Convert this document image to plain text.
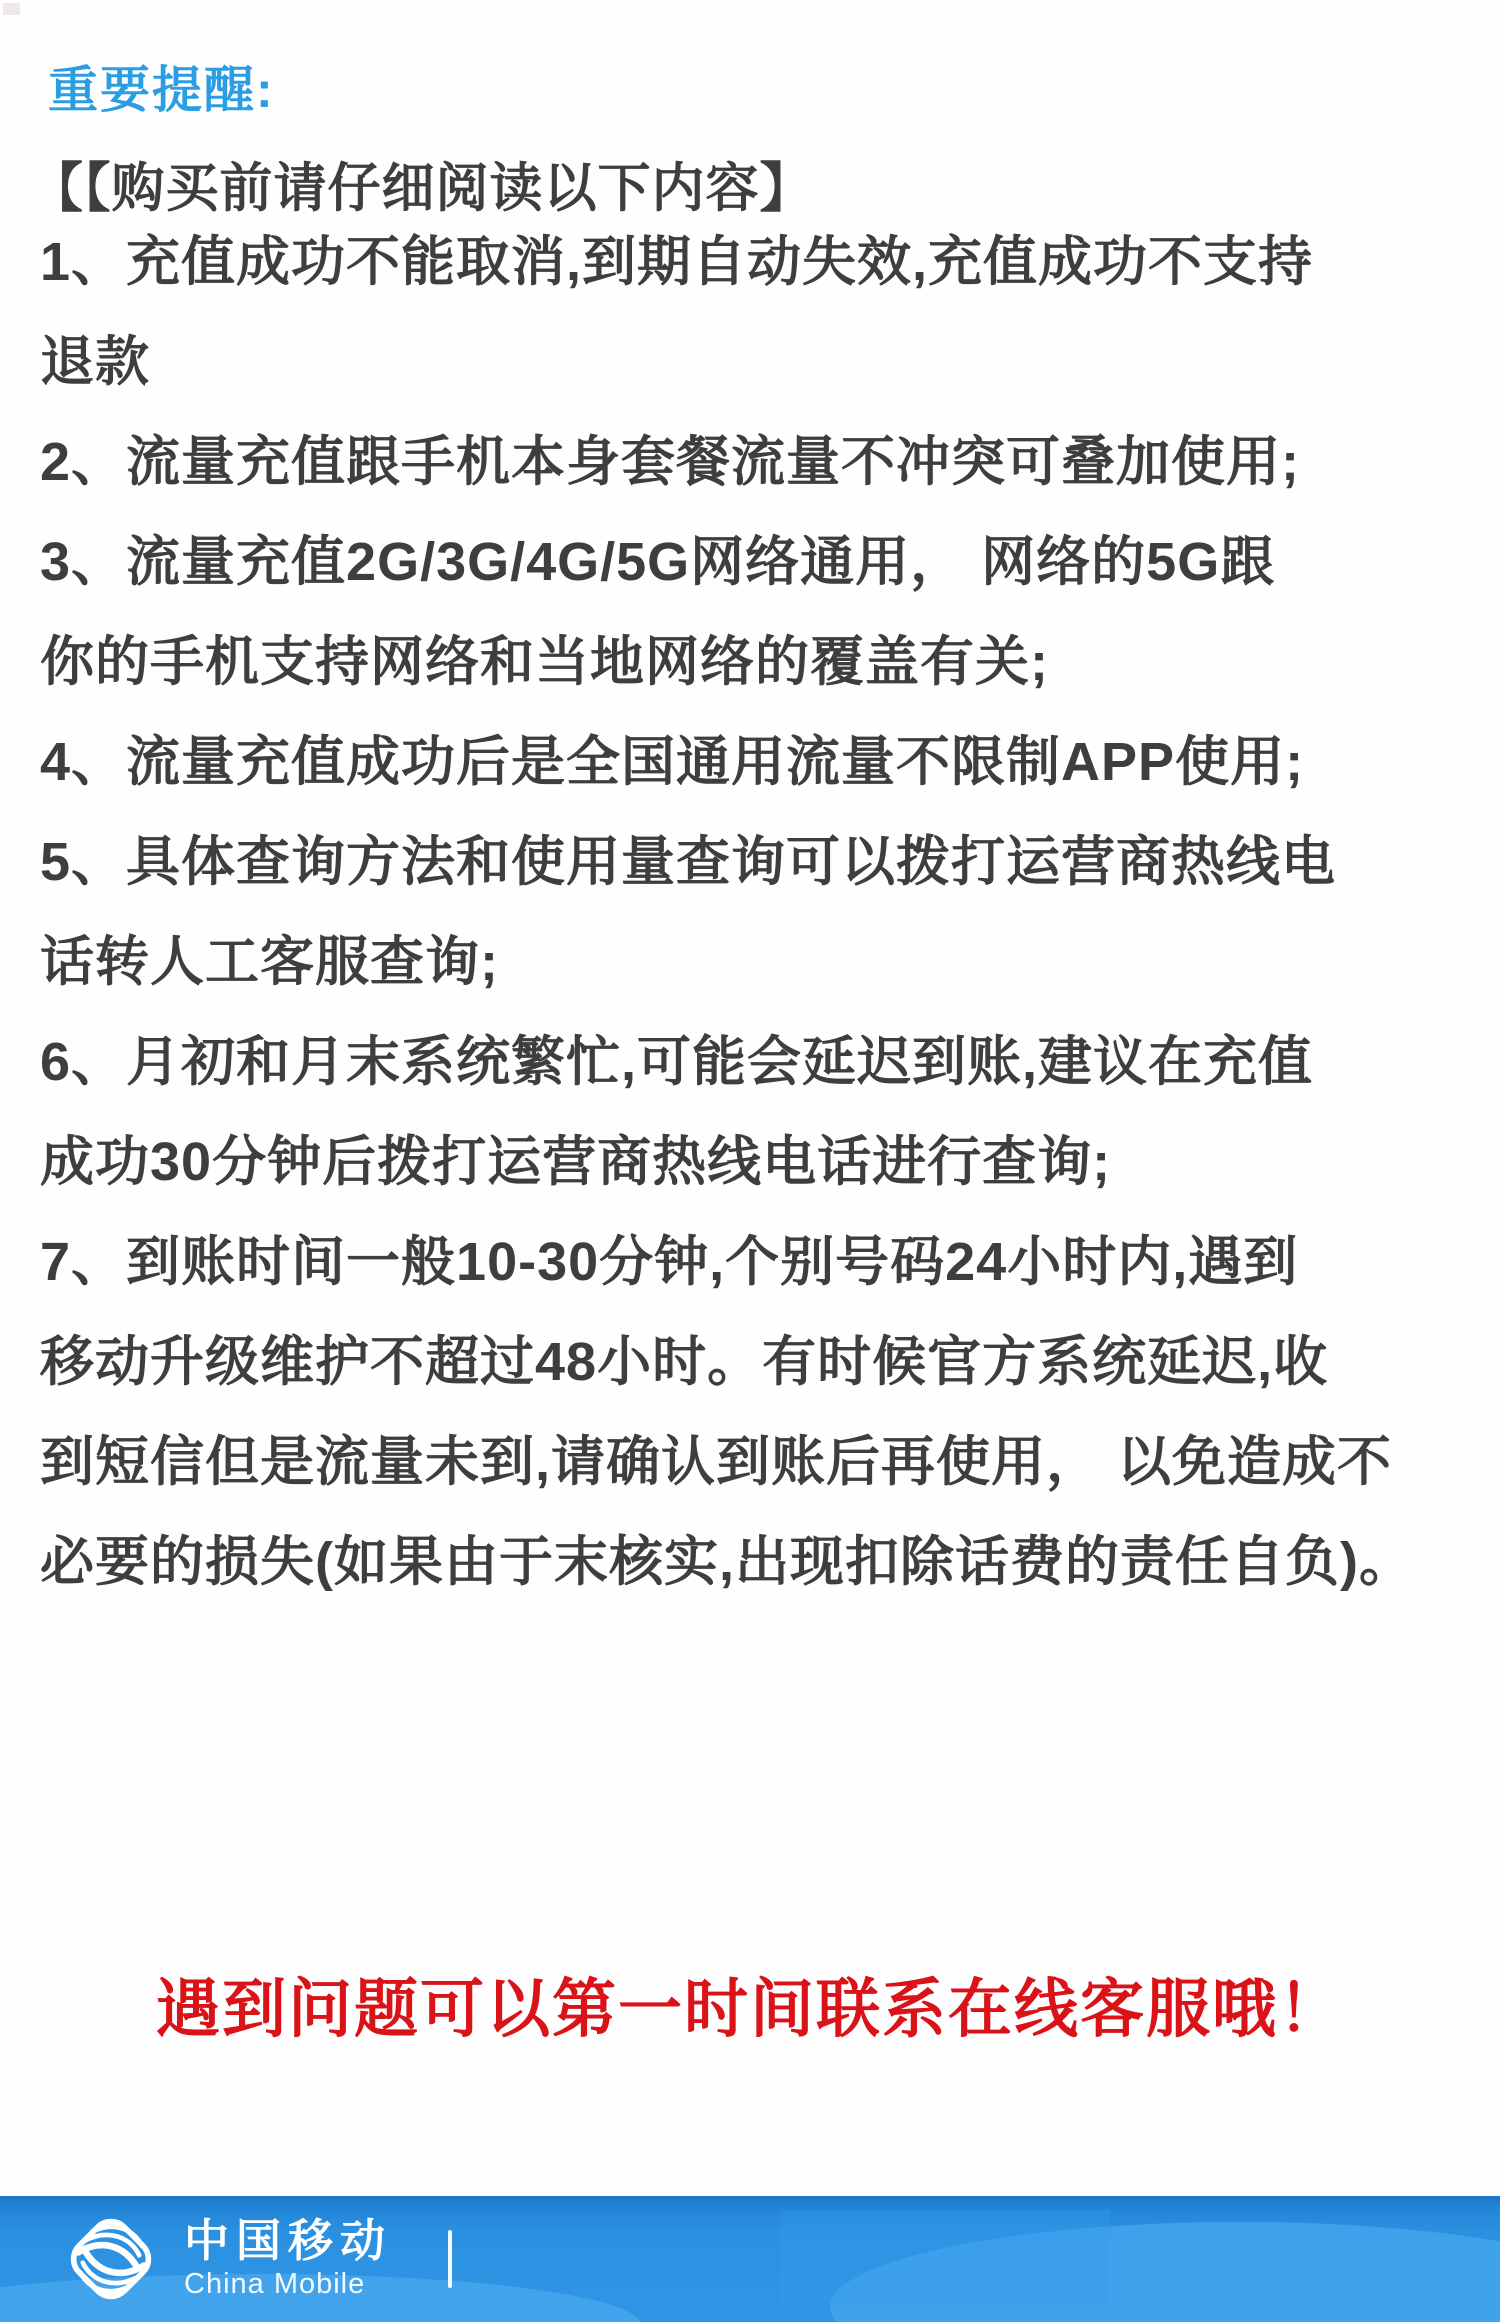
重要提醒:
【【购买前请仔细阅读以下内容】
1、充值成功不能取消,到期自动失效,充值成功不支持
退款
2、流量充值跟手机本身套餐流量不冲突可叠加使用;
3、流量充值2G/3G/4G/5G网络通用， 网络的5G跟
你的手机支持网络和当地网络的覆盖有关;
4、流量充值成功后是全国通用流量不限制APP使用;
5、具体查询方法和使用量查询可以拨打运营商热线电
话转人工客服查询;
6、月初和月末系统繁忙,可能会延迟到账,建议在充值
成功30分钟后拨打运营商热线电话进行查询;
7、到账时间一般10-30分钟,个别号码24小时内,遇到
移动升级维护不超过48小时。有时候官方系统延迟,收
到短信但是流量未到,请确认到账后再使用， 以免造成不
必要的损失(如果由于末核实,出现扣除话费的责任自负)。
遇到问题可以第一时间联系在线客服哦！
中国移动
China Mobile
